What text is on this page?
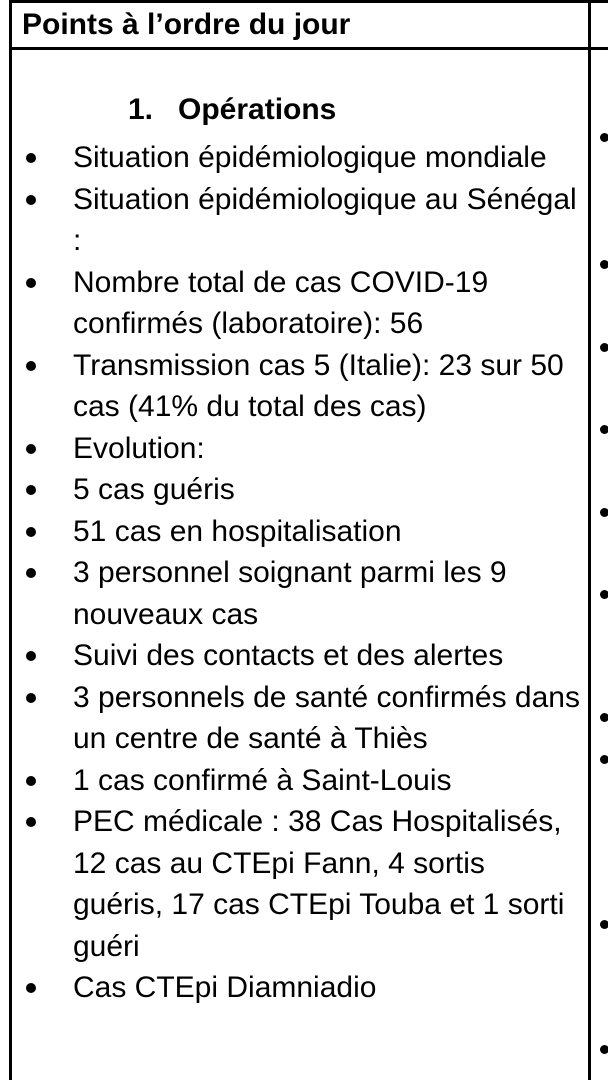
Points à l’ordre du jour
1. Opérations
Situation épidémiologique mondiale
Situation épidémiologique au Sénégal :
Nombre total de cas COVID-19 confirmés (laboratoire): 56
Transmission cas 5 (Italie): 23 sur 50 cas (41% du total des cas)
Evolution:
5 cas guéris
51 cas en hospitalisation
3 personnel soignant parmi les 9 nouveaux cas
Suivi des contacts et des alertes
3 personnels de santé confirmés dans un centre de santé à Thiès
1 cas confirmé à Saint-Louis
PEC médicale : 38 Cas Hospitalisés, 12 cas au CTEpi Fann, 4 sortis guéris, 17 cas CTEpi Touba et 1 sorti guéri
Cas CTEpi Diamniadio
